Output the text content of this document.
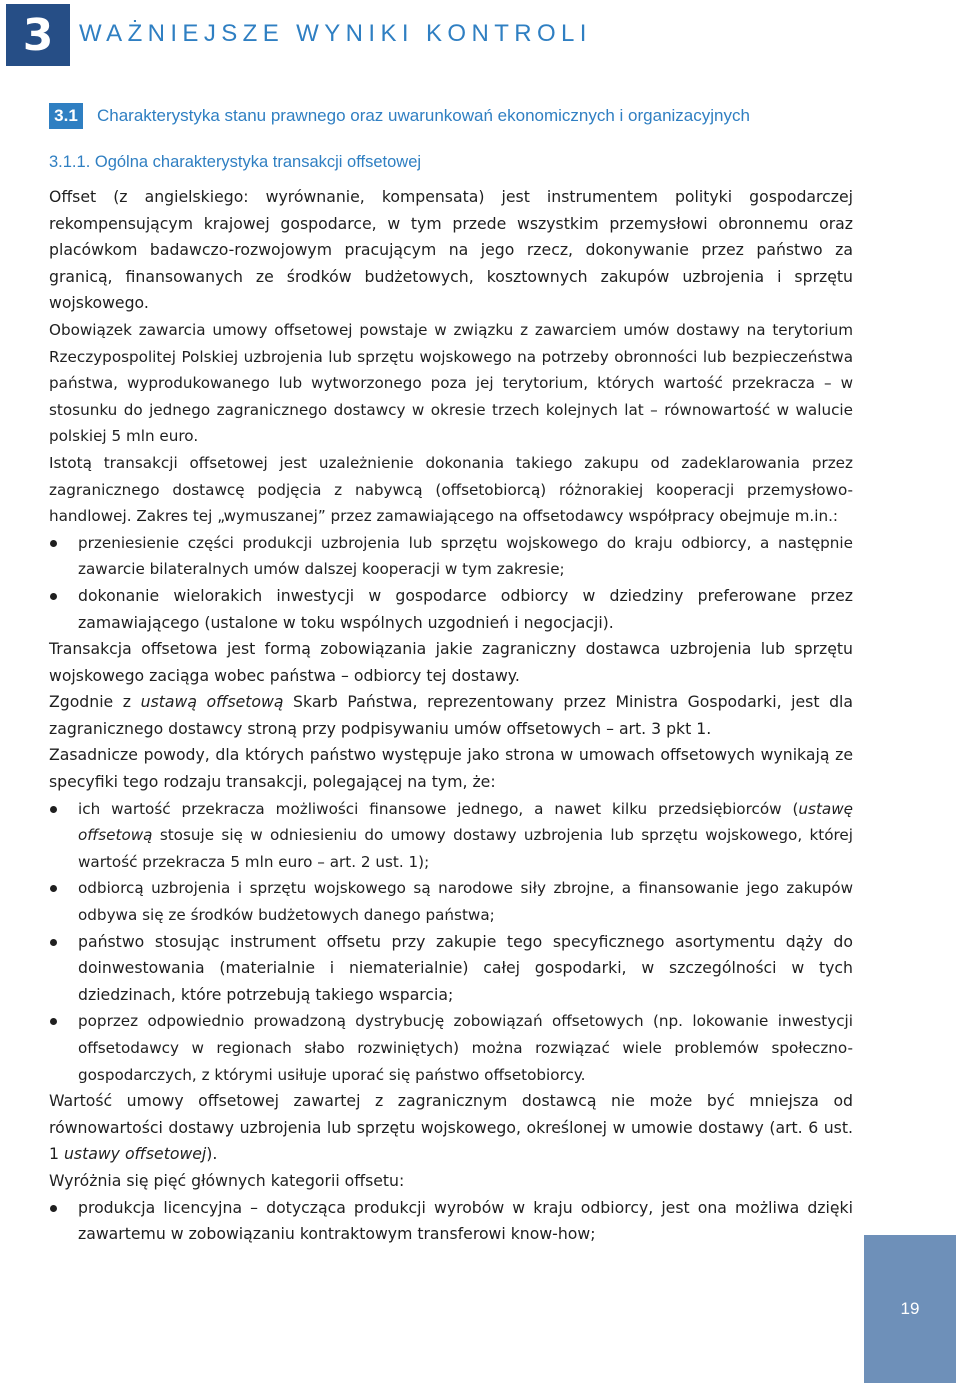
3	WAŻNIEJSZE WYNIKI KONTROLI
3.1	Charakterystyka stanu prawnego oraz uwarunkowań ekonomicznych i organizacyjnych
3.1.1. Ogólna charakterystyka transakcji offsetowej

Offset (z angielskiego: wyrównanie, kompensata) jest instrumentem polityki gospodarczej rekompensującym krajowej gospodarce, w tym przede wszystkim przemysłowi obronnemu oraz placówkom badawczo-rozwojowym pracującym na jego rzecz, dokonywanie przez państwo za granicą, finansowanych ze środków budżetowych, kosztownych zakupów uzbrojenia i sprzętu wojskowego.

Obowiązek zawarcia umowy offsetowej powstaje w związku z zawarciem umów dostawy na terytorium Rzeczypospolitej Polskiej uzbrojenia lub sprzętu wojskowego na potrzeby obronności lub bezpieczeństwa państwa, wyprodukowanego lub wytworzonego poza jej terytorium, których wartość przekracza – w stosunku do jednego zagranicznego dostawcy w okresie trzech kolejnych lat – równowartość w walucie polskiej 5 mln euro.

Istotą transakcji offsetowej jest uzależnienie dokonania takiego zakupu od zadeklarowania przez zagranicznego dostawcę podjęcia z nabywcą (offsetobiorcą) różnorakiej kooperacji przemysłowo-handlowej. Zakres tej „wymuszanej” przez zamawiającego na offsetodawcy współpracy obejmuje m.in.:

przeniesienie części produkcji uzbrojenia lub sprzętu wojskowego do kraju odbiorcy, a następnie zawarcie bilateralnych umów dalszej kooperacji w tym zakresie;
dokonanie wielorakich inwestycji w gospodarce odbiorcy w dziedziny preferowane przez zamawiającego (ustalone w toku wspólnych uzgodnień i negocjacji).

Transakcja offsetowa jest formą zobowiązania jakie zagraniczny dostawca uzbrojenia lub sprzętu wojskowego zaciąga wobec państwa – odbiorcy tej dostawy.

Zgodnie z ustawą offsetową Skarb Państwa, reprezentowany przez Ministra Gospodarki, jest dla zagranicznego dostawcy stroną przy podpisywaniu umów offsetowych – art. 3 pkt 1.

Zasadnicze powody, dla których państwo występuje jako strona w umowach offsetowych wynikają ze specyfiki tego rodzaju transakcji, polegającej na tym, że:

ich wartość przekracza możliwości finansowe jednego, a nawet kilku przedsiębiorców (ustawę offsetową stosuje się w odniesieniu do umowy dostawy uzbrojenia lub sprzętu wojskowego, której wartość przekracza 5 mln euro – art. 2 ust. 1);
odbiorcą uzbrojenia i sprzętu wojskowego są narodowe siły zbrojne, a finansowanie jego zakupów odbywa się ze środków budżetowych danego państwa;
państwo stosując instrument offsetu przy zakupie tego specyficznego asortymentu dąży do doinwestowania (materialnie i niematerialnie) całej gospodarki, w szczególności w tych dziedzinach, które potrzebują takiego wsparcia;
poprzez odpowiednio prowadzoną dystrybucję zobowiązań offsetowych (np. lokowanie inwestycji offsetodawcy w regionach słabo rozwiniętych) można rozwiązać wiele problemów społeczno-gospodarczych, z którymi usiłuje uporać się państwo offsetobiorcy.

Wartość umowy offsetowej zawartej z zagranicznym dostawcą nie może być mniejsza od równowartości dostawy uzbrojenia lub sprzętu wojskowego, określonej w umowie dostawy (art. 6 ust. 1 ustawy offsetowej).

Wyróżnia się pięć głównych kategorii offsetu:

produkcja licencyjna – dotycząca produkcji wyrobów w kraju odbiorcy, jest ona możliwa dzięki zawartemu w zobowiązaniu kontraktowym transferowi know-how;
19
